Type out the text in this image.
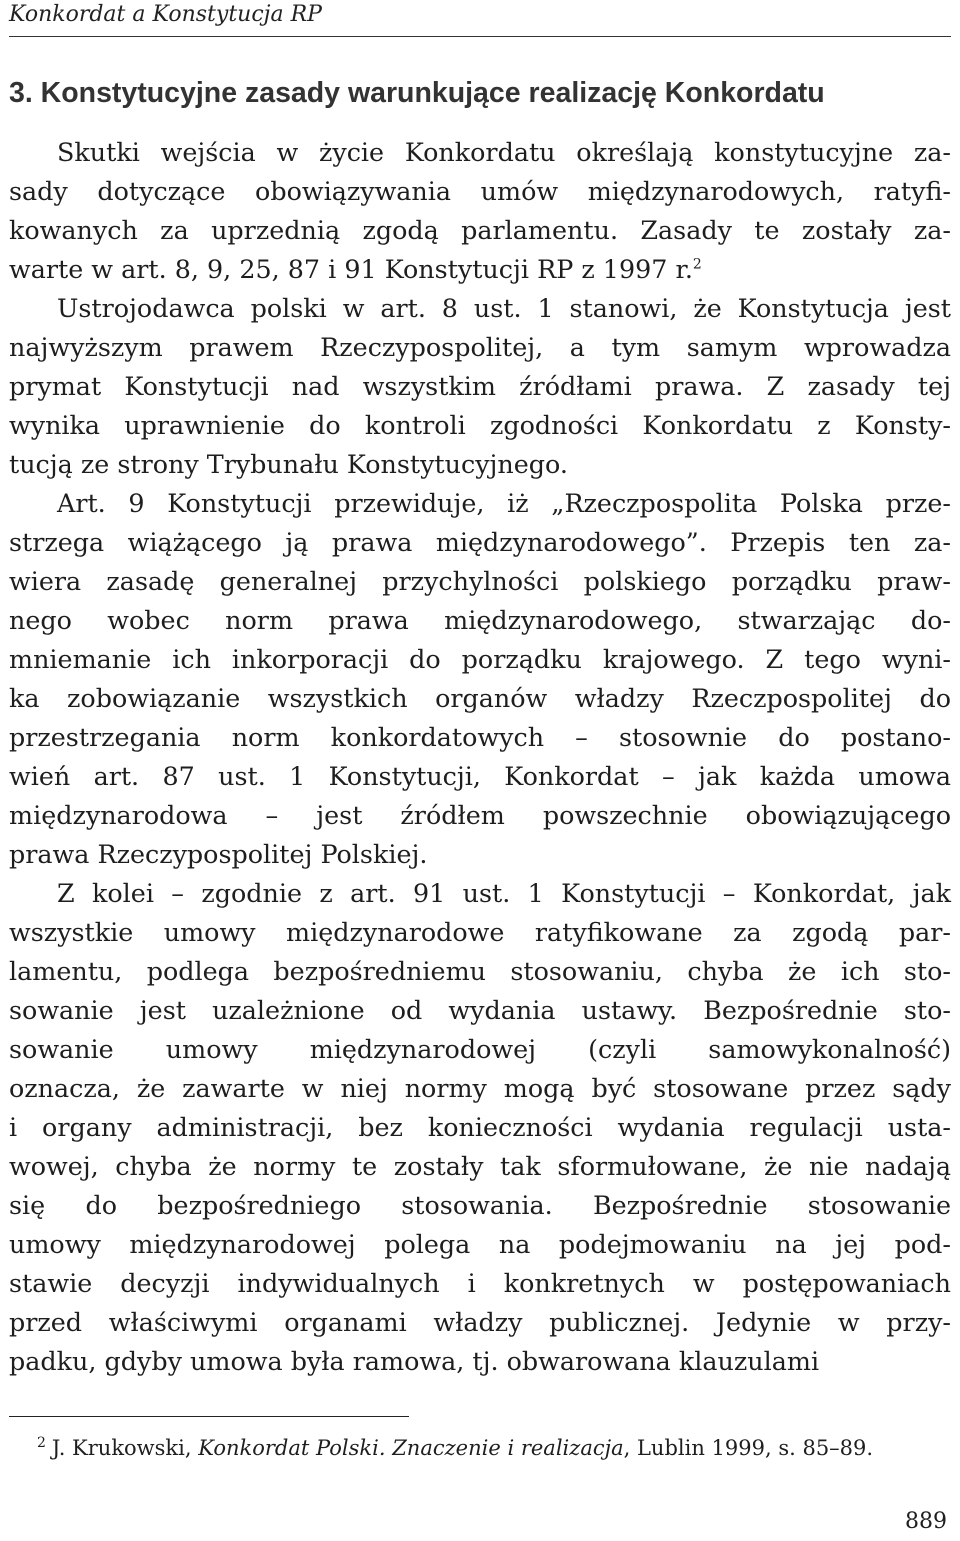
Konkordat a Konstytucja RP
3. Konstytucyjne zasady warunkujące realizację Konkordatu
Skutki wejścia w życie Konkordatu określają konstytucyjne za-
sady dotyczące obowiązywania umów międzynarodowych, ratyfi-
kowanych za uprzednią zgodą parlamentu. Zasady te zostały za-
warte w art. 8, 9, 25, 87 i 91 Konstytucji RP z 1997 r.$^2$
Ustrojodawca polski w art. 8 ust. 1 stanowi, że Konstytucja jest
najwyższym prawem Rzeczypospolitej, a tym samym wprowadza
prymat Konstytucji nad wszystkim źródłami prawa. Z zasady tej
wynika uprawnienie do kontroli zgodności Konkordatu z Konsty-
tucją ze strony Trybunału Konstytucyjnego.
Art. 9 Konstytucji przewiduje, iż „Rzeczpospolita Polska prze-
strzega wiążącego ją prawa międzynarodowego”. Przepis ten za-
wiera zasadę generalnej przychylności polskiego porządku praw-
nego wobec norm prawa międzynarodowego, stwarzając do-
mniemanie ich inkorporacji do porządku krajowego. Z tego wyni-
ka zobowiązanie wszystkich organów władzy Rzeczpospolitej do
przestrzegania norm konkordatowych – stosownie do postano-
wień art. 87 ust. 1 Konstytucji, Konkordat – jak każda umowa
międzynarodowa – jest źródłem powszechnie obowiązującego
prawa Rzeczypospolitej Polskiej.
Z kolei – zgodnie z art. 91 ust. 1 Konstytucji – Konkordat, jak
wszystkie umowy międzynarodowe ratyfikowane za zgodą par-
lamentu, podlega bezpośredniemu stosowaniu, chyba że ich sto-
sowanie jest uzależnione od wydania ustawy. Bezpośrednie sto-
sowanie umowy międzynarodowej (czyli samowykonalność)
oznacza, że zawarte w niej normy mogą być stosowane przez sądy
i organy administracji, bez konieczności wydania regulacji usta-
wowej, chyba że normy te zostały tak sformułowane, że nie nadają
się do bezpośredniego stosowania. Bezpośrednie stosowanie
umowy międzynarodowej polega na podejmowaniu na jej pod-
stawie decyzji indywidualnych i konkretnych w postępowaniach
przed właściwymi organami władzy publicznej. Jedynie w przy-
padku, gdyby umowa była ramowa, tj. obwarowana klauzulami
$^2$ J. Krukowski, Konkordat Polski. Znaczenie i realizacja, Lublin 1999, s. 85–89.
889
